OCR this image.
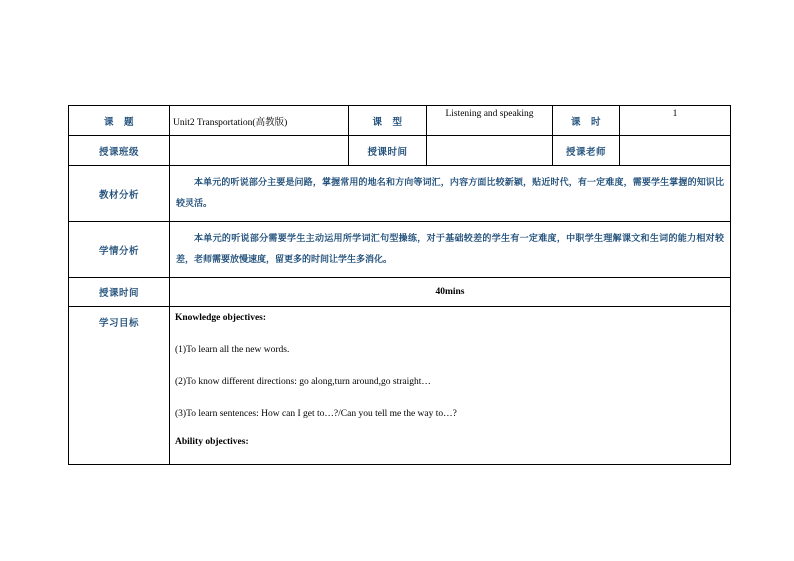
课　题	Unit2 Transportation(高教版)	课　型	Listening and speaking	课　时	1
授课班级		授课时间		授课老师	
教材分析	本单元的听说部分主要是问路，掌握常用的地名和方向等词汇，内容方面比较新颖，贴近时代，有一定难度，需要学生掌握的知识比较灵活。				
学情分析	本单元的听说部分需要学生主动运用所学词汇句型操练，对于基础较差的学生有一定难度，中职学生理解课文和生词的能力相对较差，老师需要放慢速度，留更多的时间让学生多消化。				
授课时间	40mins				
学习目标	Knowledge objectives:

(1)To learn all the new words.

(2)To know different directions: go along,turn around,go straight…

(3)To learn sentences: How can I get to…?/Can you tell me the way to…?

Ability objectives:				
